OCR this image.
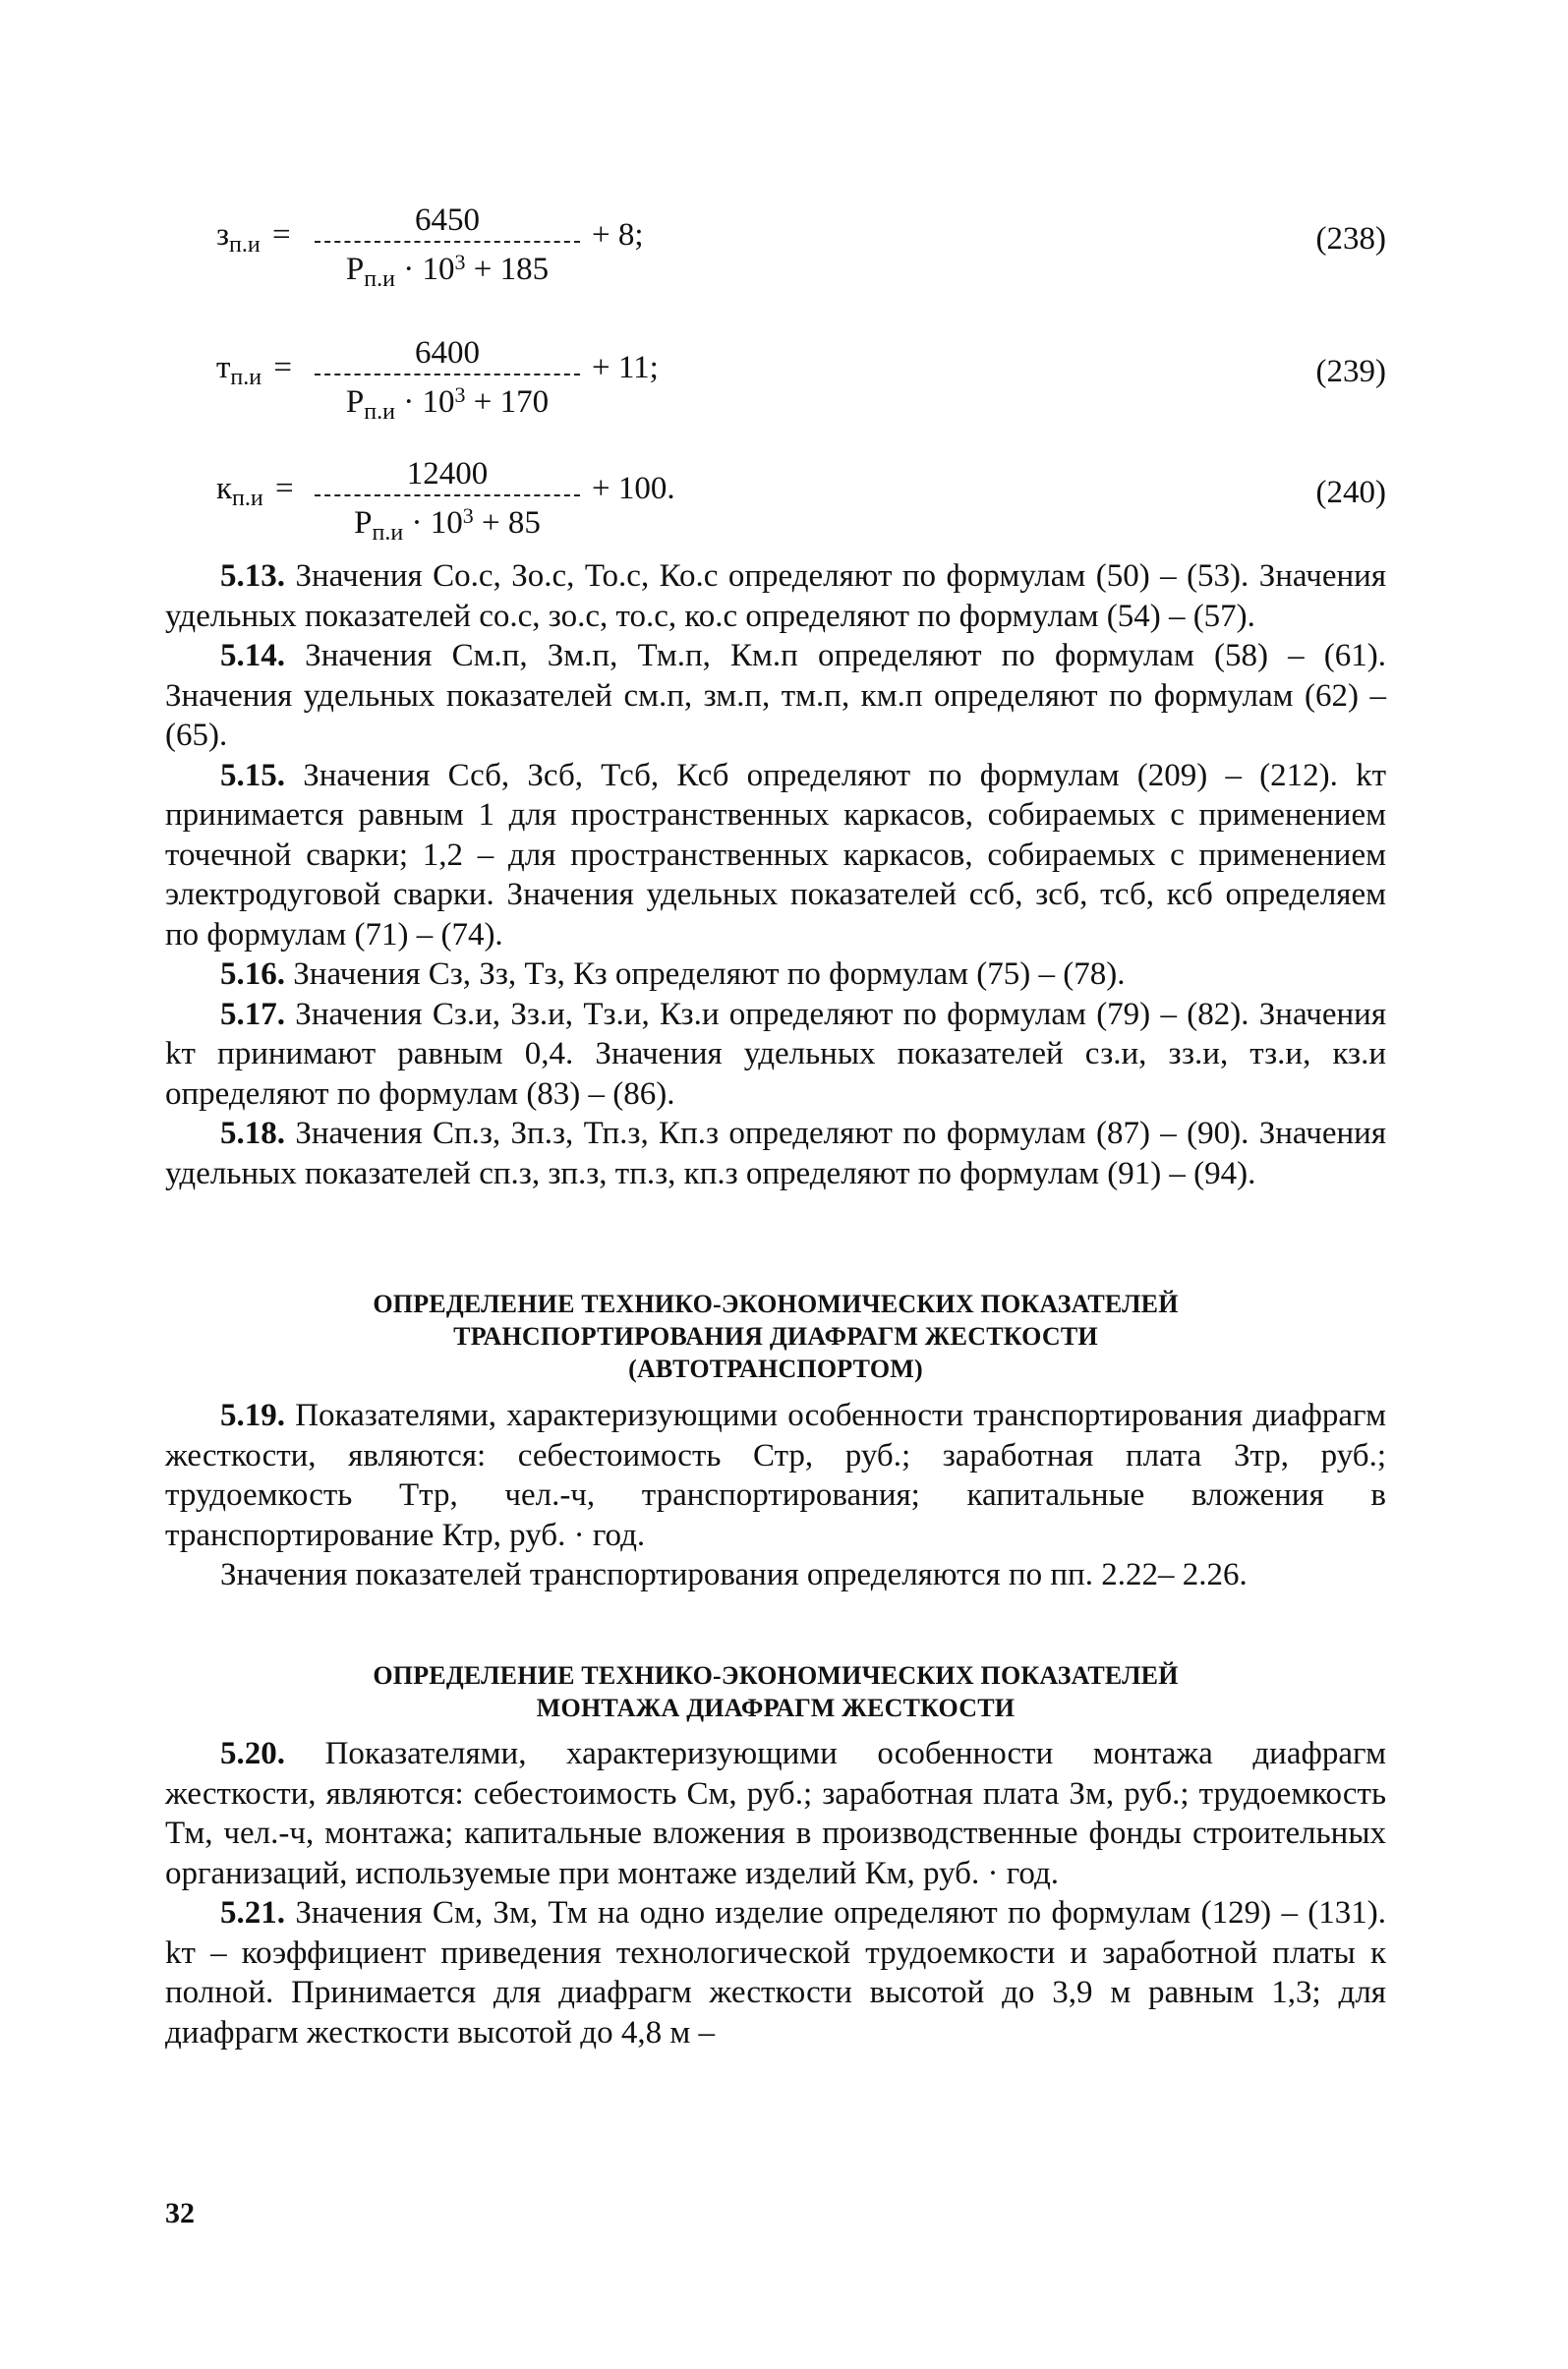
$з_{п.и}$ =	6450
$Р_{п.и} \cdot 10^3 + 185$
+ 8;	(238)
$т_{п.и}$ =	6400
$Р_{п.и} \cdot 10^3 + 170$
+ 11;	(239)
$к_{п.и}$ =	12400
$Р_{п.и} \cdot 10^3 + 85$
+ 100.	(240)

5.13. Значения Со.с, Зо.с, То.с, Ко.с определяют по формулам (50) – (53). Значения удельных показателей со.с, зо.с, то.с, ко.с определяют по формулам (54) – (57).

5.14. Значения См.п, Зм.п, Тм.п, Км.п определяют по формулам (58) – (61). Значения удельных показателей см.п, зм.п, тм.п, км.п определяют по формулам (62) – (65).

5.15. Значения Ссб, Зсб, Тсб, Ксб определяют по формулам (209) – (212). kт принимается равным 1 для пространственных каркасов, собираемых с применением точечной сварки; 1,2 – для пространственных каркасов, собираемых с применением электродуговой сварки. Значения удельных показателей ссб, зсб, тсб, ксб определяем по формулам (71) – (74).

5.16. Значения Сз, Зз, Тз, Кз определяют по формулам (75) – (78).

5.17. Значения Сз.и, Зз.и, Тз.и, Кз.и определяют по формулам (79) – (82). Значения kт принимают равным 0,4. Значения удельных показателей сз.и, зз.и, тз.и, кз.и определяют по формулам (83) – (86).

5.18. Значения Сп.з, Зп.з, Тп.з, Кп.з определяют по формулам (87) – (90). Значения удельных показателей сп.з, зп.з, тп.з, кп.з определяют по формулам (91) – (94).

ОПРЕДЕЛЕНИЕ ТЕХНИКО-ЭКОНОМИЧЕСКИХ ПОКАЗАТЕЛЕЙ
ТРАНСПОРТИРОВАНИЯ ДИАФРАГМ ЖЕСТКОСТИ
(АВТОТРАНСПОРТОМ)

5.19. Показателями, характеризующими особенности транспортирования диафрагм жесткости, являются: себестоимость Стр, руб.; заработная плата Зтр, руб.; трудоемкость Ттр, чел.-ч, транспортирования; капитальные вложения в транспортирование Ктр, руб. · год.

Значения показателей транспортирования определяются по пп. 2.22– 2.26.

ОПРЕДЕЛЕНИЕ ТЕХНИКО-ЭКОНОМИЧЕСКИХ ПОКАЗАТЕЛЕЙ
МОНТАЖА ДИАФРАГМ ЖЕСТКОСТИ

5.20. Показателями, характеризующими особенности монтажа диафрагм жесткости, являются: себестоимость См, руб.; заработная плата Зм, руб.; трудоемкость Тм, чел.-ч, монтажа; капитальные вложения в производственные фонды строительных организаций, используемые при монтаже изделий Км, руб. · год.

5.21. Значения См, Зм, Тм на одно изделие определяют по формулам (129) – (131). kт – коэффициент приведения технологической трудоемкости и заработной платы к полной. Принимается для диафрагм жесткости высотой до 3,9 м равным 1,3; для диафрагм жесткости высотой до 4,8 м –

32
